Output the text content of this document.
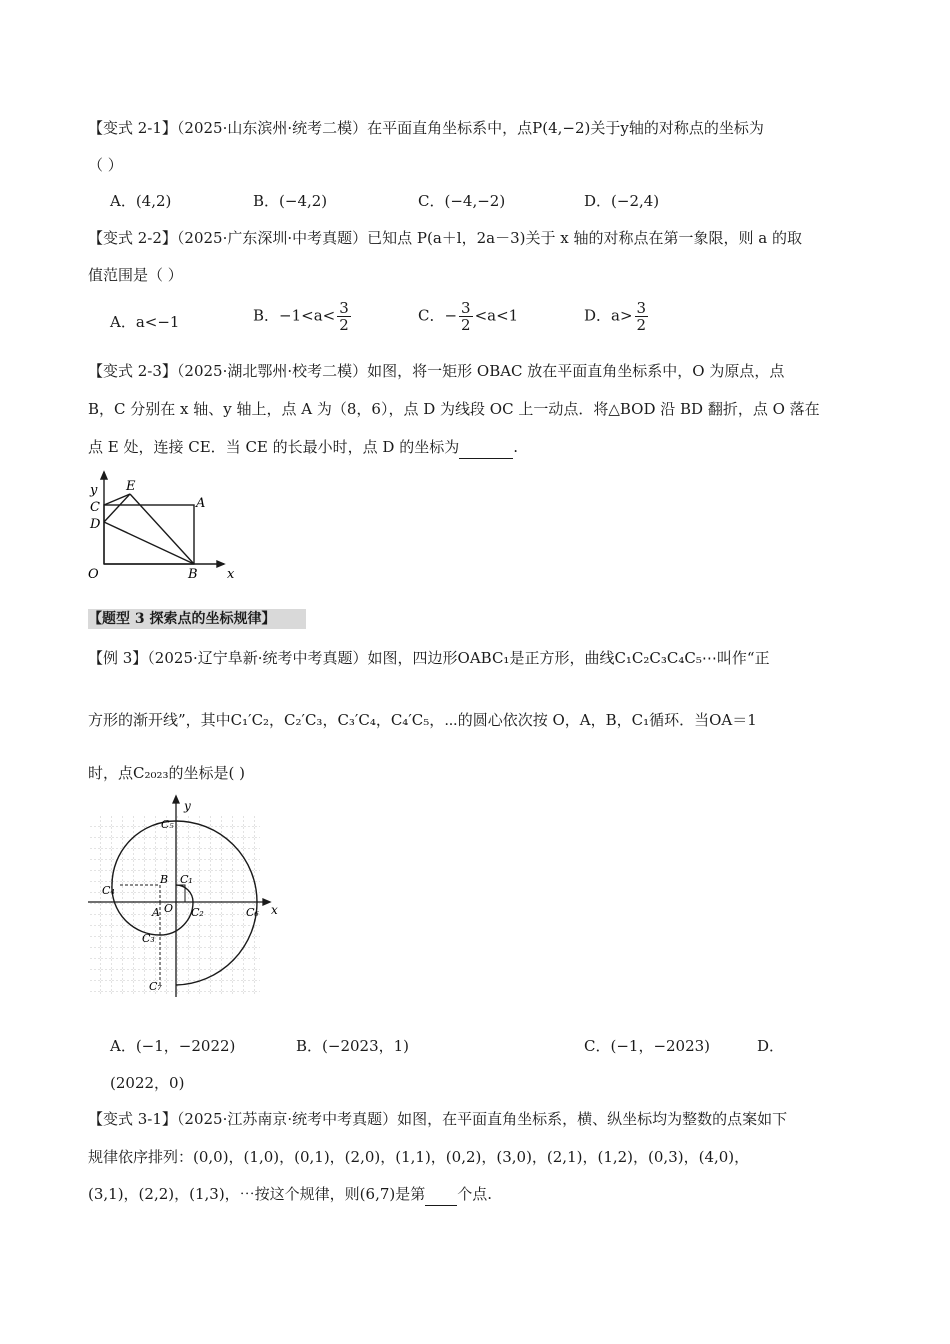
【变式 2-1】（2025·山东滨州·统考二模）在平面直角坐标系中，点P(4,−2)关于y轴的对称点的坐标为
（ ）
A．(4,2)	B．(−4,2)	C．(−4,−2)	D．(−2,4)
【变式 2-2】（2025·广东深圳·中考真题）已知点 P(a＋l，2a－3)关于 x 轴的对称点在第一象限，则 a 的取
值范围是（ ）
A．a<−1	B．$-1<a< \frac{3}{2}$	C．− $\frac{3}{2} <a<1$	D．$a> \frac{3}{2}$
【变式 2-3】（2025·湖北鄂州·校考二模）如图，将一矩形 OBAC 放在平面直角坐标系中，O 为原点，点
B，C 分别在 x 轴、y 轴上，点 A 为（8，6），点 D 为线段 OC 上一动点．将△BOD 沿 BD 翻折，点 O 落在
点 E 处，连接 CE．当 CE 的长最小时，点 D 的坐标为	.
y
x
C
E
A
D
O	B
【题型 3 探索点的坐标规律】
【例 3】（2025·辽宁阜新·统考中考真题）如图，四边形OABC₁是正方形，曲线C₁C₂C₃C₄C₅⋯叫作“正
方形的渐开线”，其中C₁′C₂，C₂′C₃，C₃′C₄，C₄′C₅，⋯的圆心依次按 O，A，B，C₁循环．当OA＝1
时，点C₂₀₂₃的坐标是( )
y
x
C₅
B C₁
C₄
A O C₂	C₆
C₃
C₇
A．(−1，−2022)	B．(−2023，1)	C．(−1，−2023)	D．
(2022，0)
【变式 3-1】（2025·江苏南京·统考中考真题）如图，在平面直角坐标系，横、纵坐标均为整数的点案如下
规律依序排列：(0,0)，(1,0)，(0,1)，(2,0)，(1,1)，(0,2)，(3,0)，(2,1)，(1,2)，(0,3)，(4,0)，
(3,1)，(2,2)，(1,3)，⋯按这个规律，则(6,7)是第 个点.
